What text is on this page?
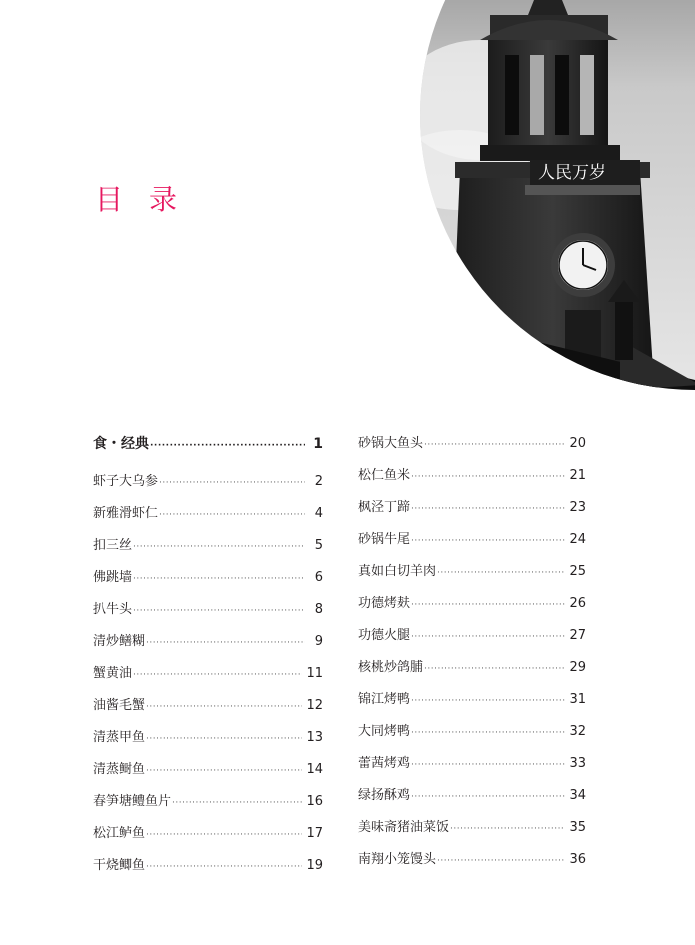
人民万岁
目 录
食・经典 ·····	1
虾子大乌参 ·····	2
新雅滑虾仁 ·····	4
扣三丝 ·····	5
佛跳墙 ·····	6
扒牛头 ·····	8
清炒鳝糊 ·····	9
蟹黄油 ·····	11
油酱毛蟹 ·····	12
清蒸甲鱼 ·····	13
清蒸鲥鱼 ·····	14
春笋塘鳢鱼片 ·····	16
松江鲈鱼 ·····	17
干烧鲫鱼 ·····	19
砂锅大鱼头 ·····	20
松仁鱼米 ·····	21
枫泾丁蹄 ·····	23
砂锅牛尾 ·····	24
真如白切羊肉 ·····	25
功德烤麸 ·····	26
功德火腿 ·····	27
核桃炒鸽脯 ·····	29
锦江烤鸭 ·····	31
大同烤鸭 ·····	32
蕾茜烤鸡 ·····	33
绿扬酥鸡 ·····	34
美味斋猪油菜饭 ·····	35
南翔小笼馒头 ·····	36
